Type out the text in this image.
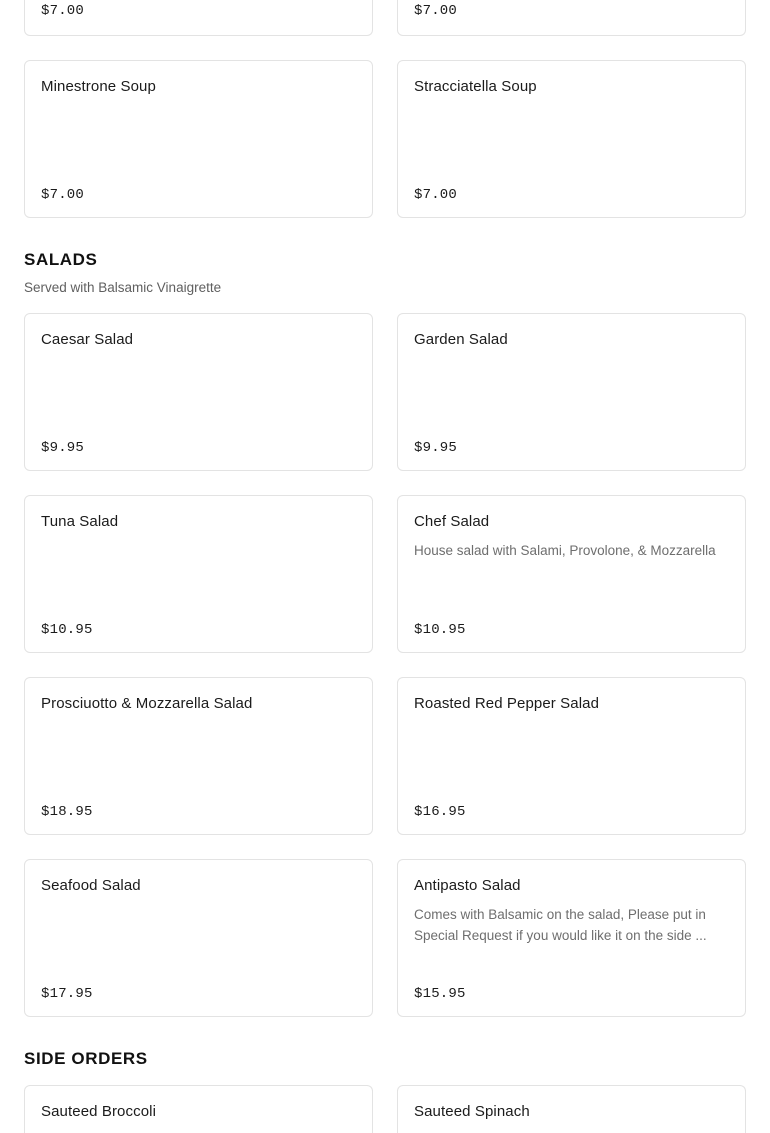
$7.00	$7.00
Minestrone Soup
$7.00
Stracciatella Soup
$7.00
SALADS
Served with Balsamic Vinaigrette
Caesar Salad
$9.95
Garden Salad
$9.95
Tuna Salad
$10.95
Chef Salad
House salad with Salami, Provolone, & Mozzarella
$10.95
Prosciuotto & Mozzarella Salad
$18.95
Roasted Red Pepper Salad
$16.95
Seafood Salad
$17.95
Antipasto Salad
Comes with Balsamic on the salad, Please put in Special Request if you would like it on the side ...
$15.95
SIDE ORDERS
Sauteed Broccoli	Sauteed Spinach
